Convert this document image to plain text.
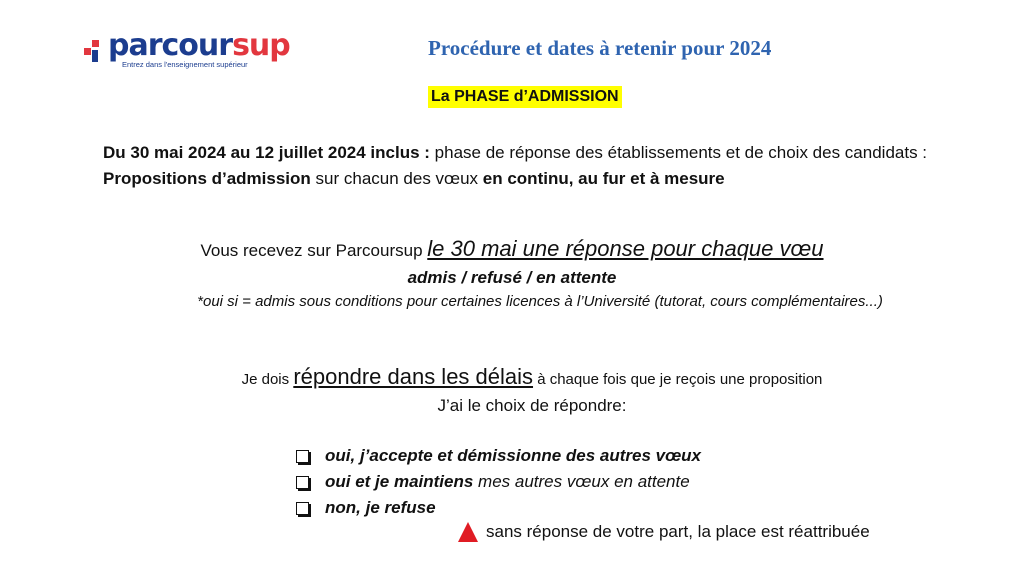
parcoursup
Entrez dans l'enseignement supérieur
Procédure et dates à retenir pour 2024
La PHASE d’ADMISSION
Du 30 mai 2024 au 12 juillet 2024 inclus : phase de réponse des établissements et de choix des candidats : Propositions d’admission sur chacun des vœux en continu, au fur et à mesure
Vous recevez sur Parcoursup le 30 mai une réponse pour chaque vœu
admis / refusé / en attente
*oui si = admis sous conditions pour certaines licences à l’Université (tutorat, cours complémentaires...)
Je dois répondre dans les délais à chaque fois que je reçois une proposition
J’ai le choix de répondre:
oui, j’accepte et démissionne des autres vœux
oui et je maintiens mes autres vœux en attente
non, je refuse
sans réponse de votre part, la place est réattribuée
